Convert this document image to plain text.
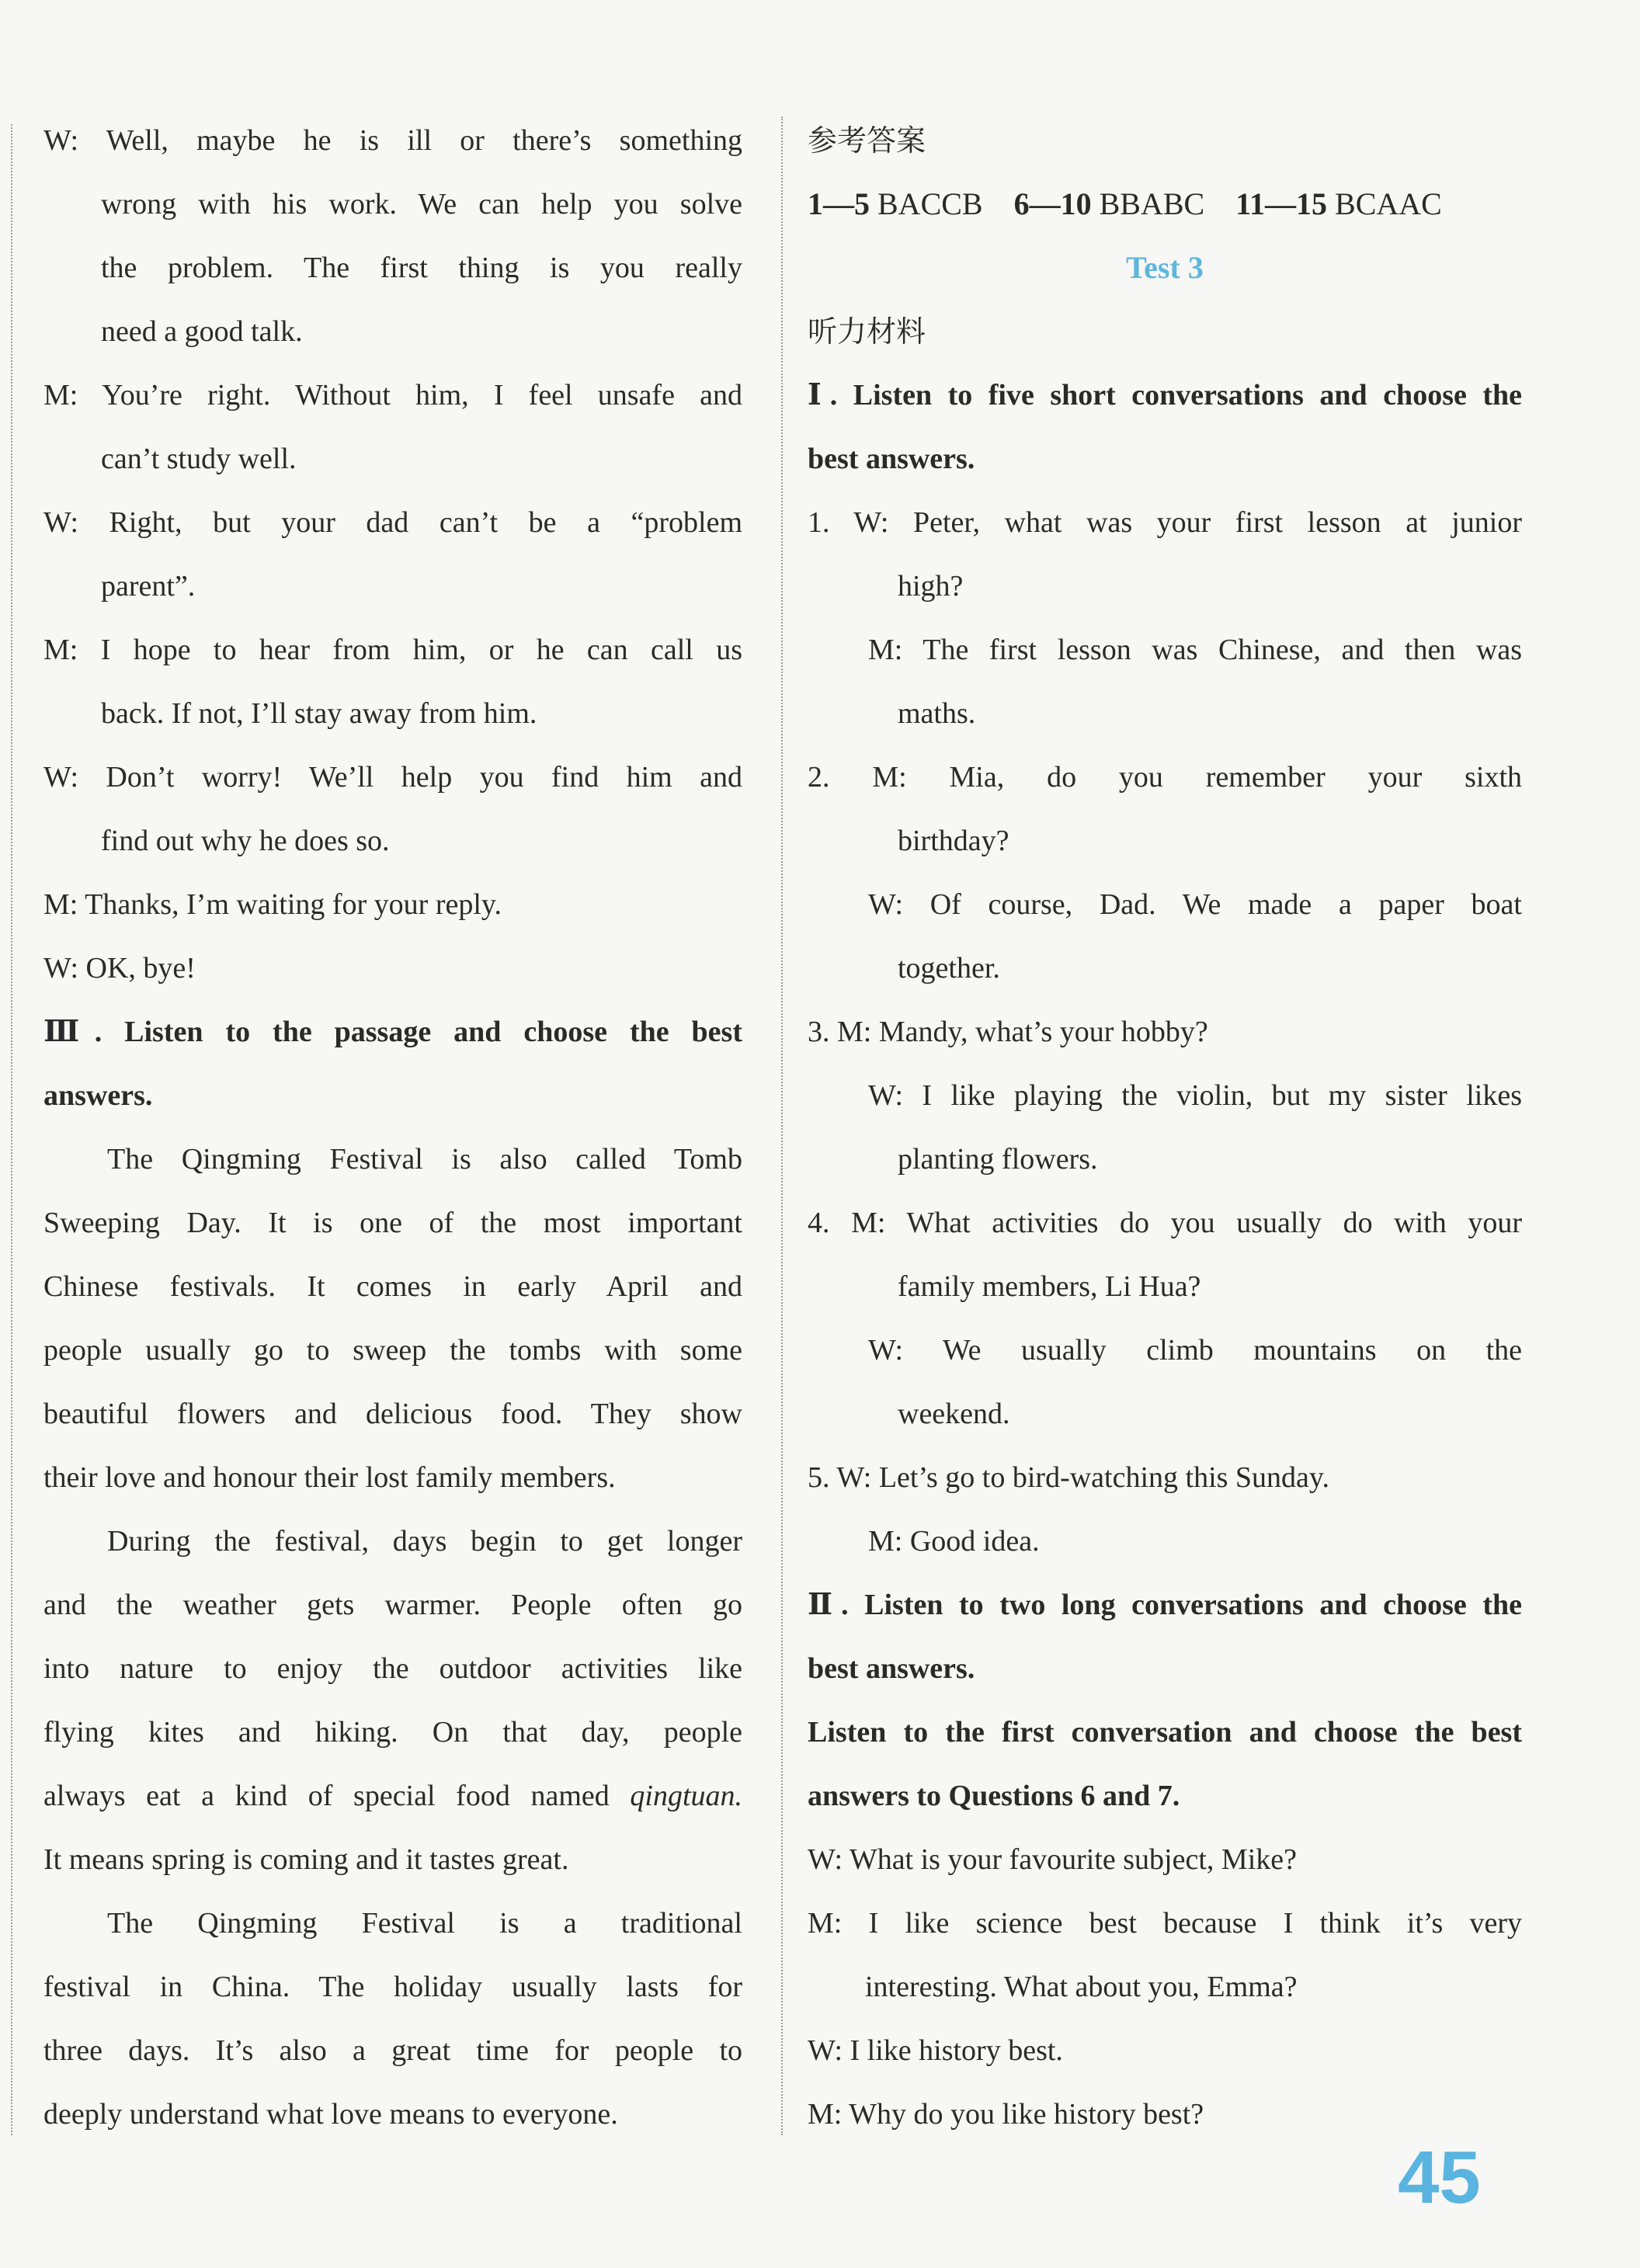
W: Well, maybe he is ill or there’s something
wrong with his work. We can help you solve
the problem. The first thing is you really
need a good talk.
M: You’re right. Without him, I feel unsafe and
can’t study well.
W: Right, but your dad can’t be a “problem
parent”.
M: I hope to hear from him, or he can call us
back. If not, I’ll stay away from him.
W: Don’t worry! We’ll help you find him and
find out why he does so.
M: Thanks, I’m waiting for your reply.
W: OK, bye!
Ⅲ. Listen to the passage and choose the best
answers.
The Qingming Festival is also called Tomb
Sweeping Day. It is one of the most important
Chinese festivals. It comes in early April and
people usually go to sweep the tombs with some
beautiful flowers and delicious food. They show
their love and honour their lost family members.
During the festival, days begin to get longer
and the weather gets warmer. People often go
into nature to enjoy the outdoor activities like
flying kites and hiking. On that day, people
always eat a kind of special food named qingtuan.
It means spring is coming and it tastes great.
The Qingming Festival is a traditional
festival in China. The holiday usually lasts for
three days. It’s also a great time for people to
deeply understand what love means to everyone.
参考答案
1—5 BACCB  6—10 BBABC  11—15 BCAAC
Test 3
听力材料
Ⅰ. Listen to five short conversations and choose the
best answers.
1. W: Peter, what was your first lesson at junior
high?
M: The first lesson was Chinese, and then was
maths.
2. M: Mia, do you remember your sixth
birthday?
W: Of course, Dad. We made a paper boat
together.
3. M: Mandy, what’s your hobby?
W: I like playing the violin, but my sister likes
planting flowers.
4. M: What activities do you usually do with your
family members, Li Hua?
W: We usually climb mountains on the
weekend.
5. W: Let’s go to bird-watching this Sunday.
M: Good idea.
Ⅱ. Listen to two long conversations and choose the
best answers.
Listen to the first conversation and choose the best
answers to Questions 6 and 7.
W: What is your favourite subject, Mike?
M: I like science best because I think it’s very
interesting. What about you, Emma?
W: I like history best.
M: Why do you like history best?
45
